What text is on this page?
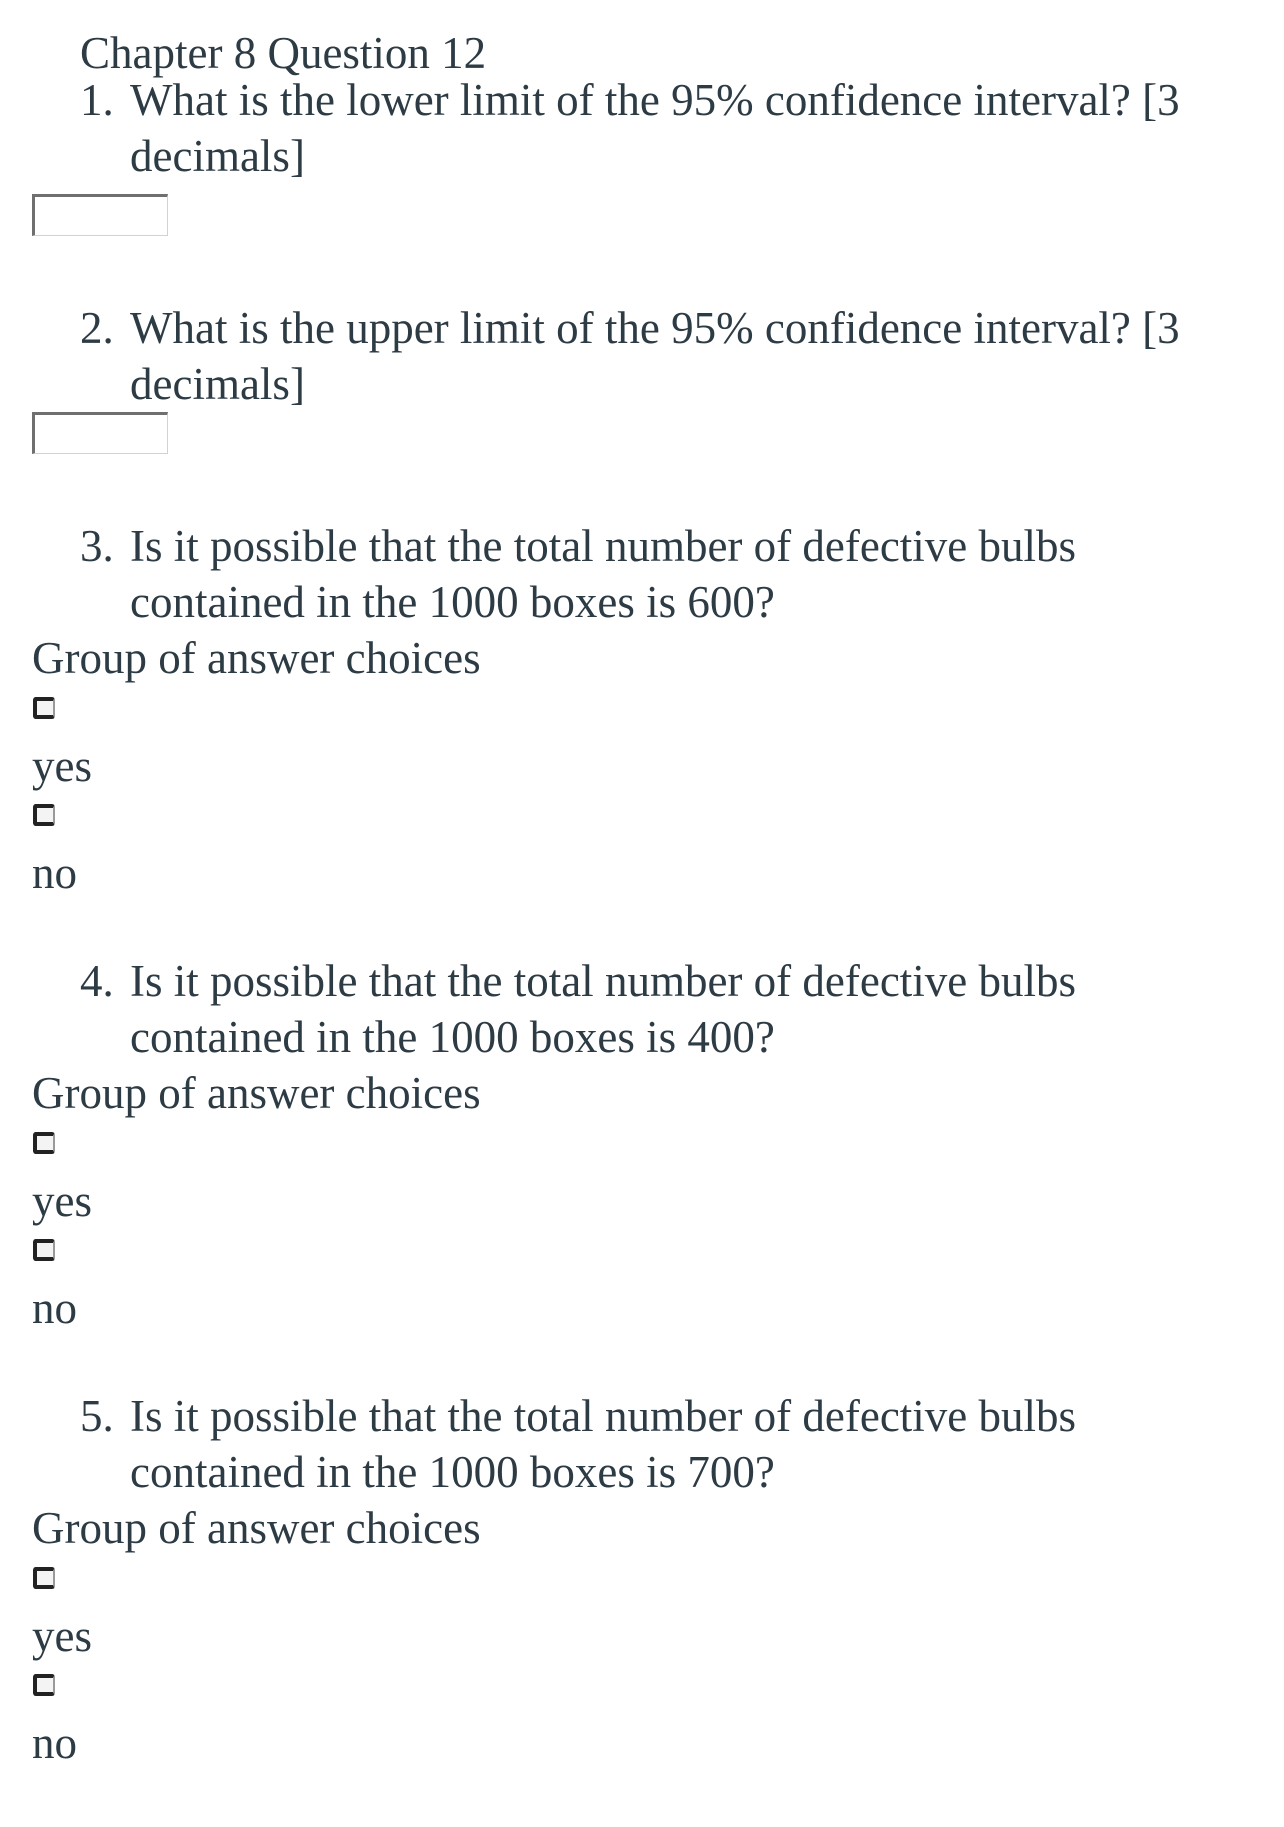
Chapter 8 Question 12
1. What is the lower limit of the 95% confidence interval? [3
decimals]
2. What is the upper limit of the 95% confidence interval? [3
decimals]
3. Is it possible that the total number of defective bulbs
contained in the 1000 boxes is 600?
Group of answer choices
yes
no
4. Is it possible that the total number of defective bulbs
contained in the 1000 boxes is 400?
Group of answer choices
yes
no
5. Is it possible that the total number of defective bulbs
contained in the 1000 boxes is 700?
Group of answer choices
yes
no
